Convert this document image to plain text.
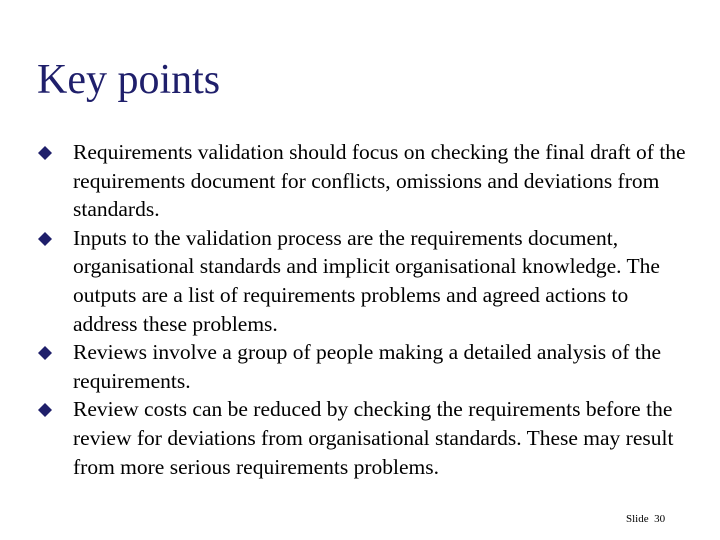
Key points
Requirements validation should focus on checking the final draft of the requirements document for conflicts, omissions and deviations from standards.
Inputs to the validation process are the requirements document, organisational standards and implicit organisational knowledge. The outputs are a list of requirements problems and agreed actions to address these problems.
Reviews involve a group of people making a detailed analysis of the requirements.
Review costs can be reduced by checking the requirements before the review for deviations from organisational standards. These may result from more serious requirements problems.
Slide 30
